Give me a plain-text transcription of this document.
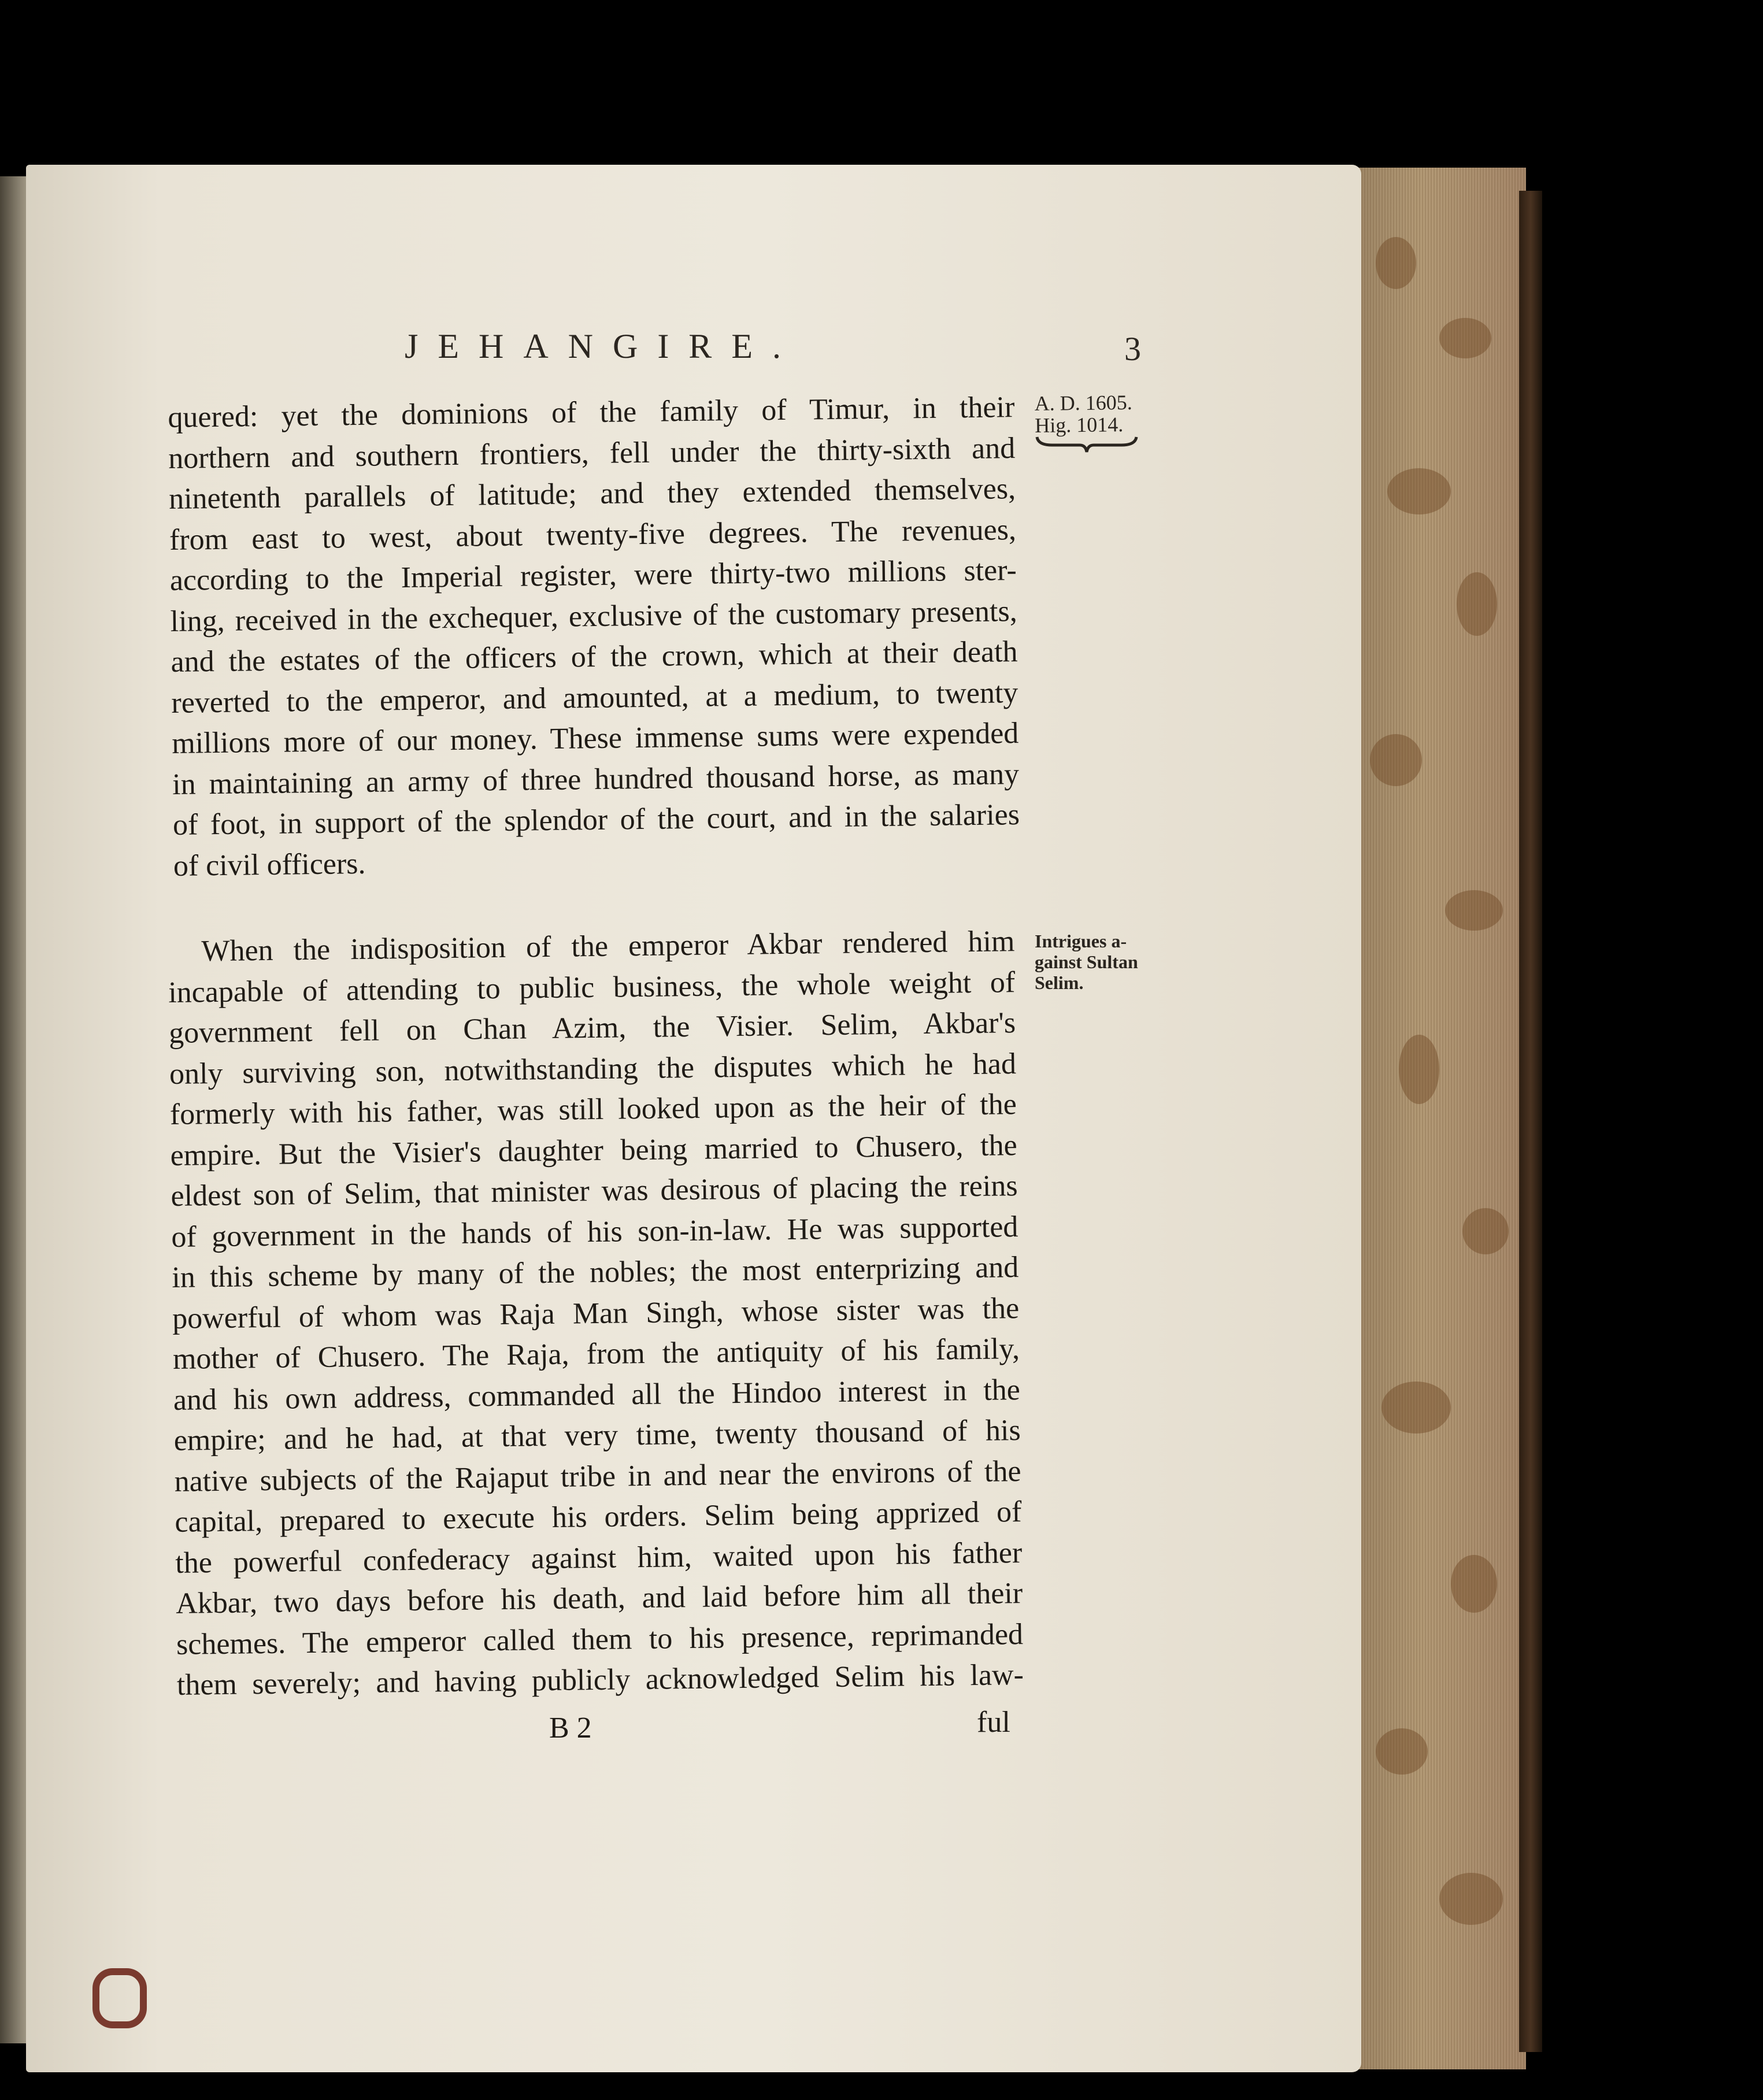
JEHANGIRE.	3
A. D. 1605.
Hig. 1014.
Intrigues a-
gainst Sultan
Selim.
quered: yet the dominions of the family of Timur, in their
northern and southern frontiers, fell under the thirty-sixth and
ninetenth parallels of latitude; and they extended themselves,
from east to west, about twenty-five degrees. The revenues,
according to the Imperial register, were thirty-two millions ster-
ling, received in the exchequer, exclusive of the customary presents,
and the estates of the officers of the crown, which at their death
reverted to the emperor, and amounted, at a medium, to twenty
millions more of our money. These immense sums were expended
in maintaining an army of three hundred thousand horse, as many
of foot, in support of the splendor of the court, and in the salaries
of civil officers.
When the indisposition of the emperor Akbar rendered him
incapable of attending to public business, the whole weight of
government fell on Chan Azim, the Visier. Selim, Akbar's
only surviving son, notwithstanding the disputes which he had
formerly with his father, was still looked upon as the heir of the
empire. But the Visier's daughter being married to Chusero, the
eldest son of Selim, that minister was desirous of placing the reins
of government in the hands of his son-in-law. He was supported
in this scheme by many of the nobles; the most enterprizing and
powerful of whom was Raja Man Singh, whose sister was the
mother of Chusero. The Raja, from the antiquity of his family,
and his own address, commanded all the Hindoo interest in the
empire; and he had, at that very time, twenty thousand of his
native subjects of the Rajaput tribe in and near the environs of the
capital, prepared to execute his orders. Selim being apprized of
the powerful confederacy against him, waited upon his father
Akbar, two days before his death, and laid before him all their
schemes. The emperor called them to his presence, reprimanded
them severely; and having publicly acknowledged Selim his law-
B 2	ful
